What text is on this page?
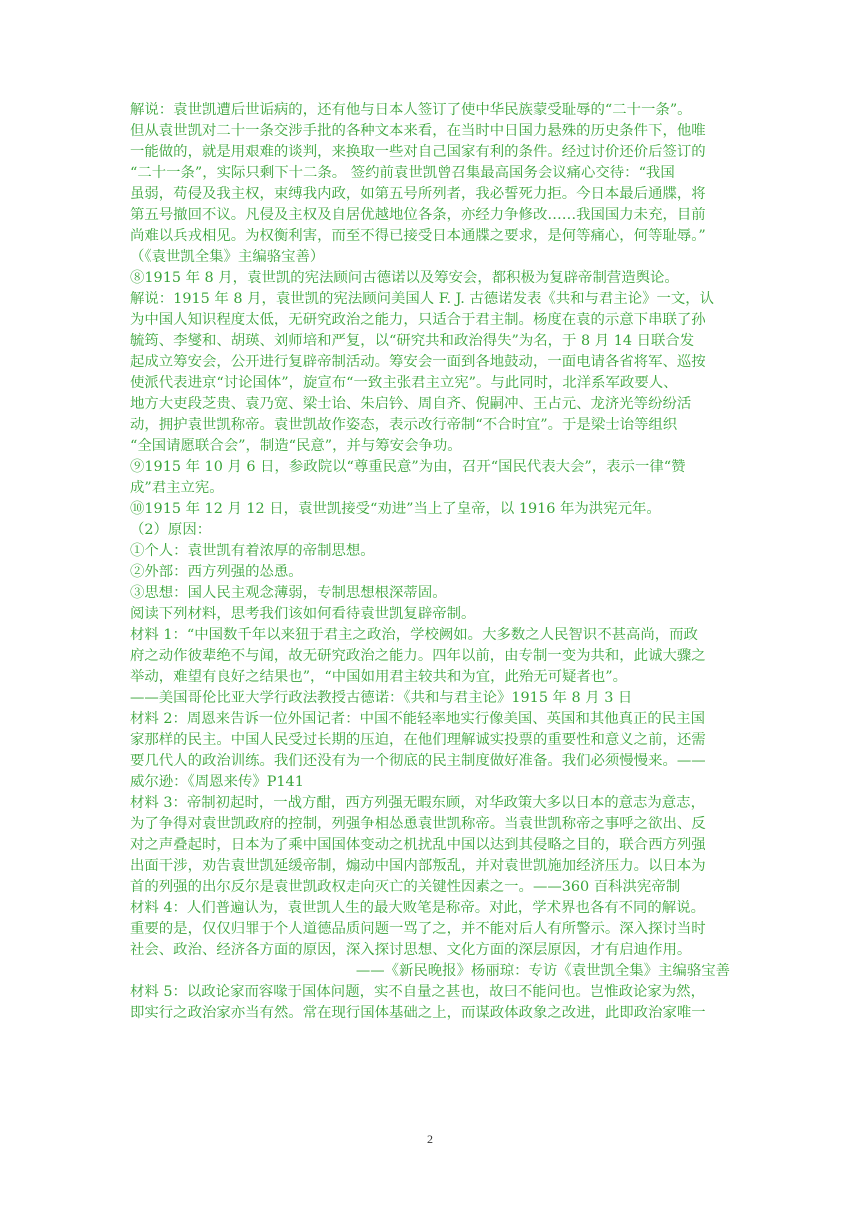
解说：袁世凯遭后世诟病的，还有他与日本人签订了使中华民族蒙受耻辱的“二十一条”。
但从袁世凯对二十一条交涉手批的各种文本来看，在当时中日国力悬殊的历史条件下，他唯
一能做的，就是用艰难的谈判，来换取一些对自己国家有利的条件。经过讨价还价后签订的
“二十一条”，实际只剩下十二条。 签约前袁世凯曾召集最高国务会议痛心交待：“我国
虽弱，苟侵及我主权，束缚我内政，如第五号所列者，我必誓死力拒。今日本最后通牒，将
第五号撤回不议。凡侵及主权及自居优越地位各条，亦经力争修改……我国国力未充，目前
尚难以兵戎相见。为权衡利害，而至不得已接受日本通牒之要求，是何等痛心，何等耻辱。”
（《袁世凯全集》主编骆宝善）
⑧1915 年 8 月，袁世凯的宪法顾问古德诺以及筹安会，都积极为复辟帝制营造舆论。
解说：1915 年 8 月，袁世凯的宪法顾问美国人 F. J. 古德诺发表《共和与君主论》一文，认
为中国人知识程度太低，无研究政治之能力，只适合于君主制。杨度在袁的示意下串联了孙
毓筠、李燮和、胡瑛、刘师培和严复，以“研究共和政治得失”为名，于 8 月 14 日联合发
起成立筹安会，公开进行复辟帝制活动。筹安会一面到各地鼓动，一面电请各省将军、巡按
使派代表进京“讨论国体”，旋宣布“一致主张君主立宪”。与此同时，北洋系军政要人、
地方大吏段芝贵、袁乃宽、梁士诒、朱启钤、周自齐、倪嗣冲、王占元、龙济光等纷纷活
动，拥护袁世凯称帝。袁世凯故作姿态，表示改行帝制“不合时宜”。于是梁士诒等组织
“全国请愿联合会”，制造“民意”，并与筹安会争功。
⑨1915 年 10 月 6 日，参政院以“尊重民意”为由，召开“国民代表大会”，表示一律“赞
成”君主立宪。
⑩1915 年 12 月 12 日，袁世凯接受“劝进”当上了皇帝，以 1916 年为洪宪元年。
（2）原因：
①个人：袁世凯有着浓厚的帝制思想。
②外部：西方列强的怂恿。
③思想：国人民主观念薄弱，专制思想根深蒂固。
阅读下列材料，思考我们该如何看待袁世凯复辟帝制。
材料 1：“中国数千年以来狃于君主之政治，学校阙如。大多数之人民智识不甚高尚，而政
府之动作彼辈绝不与闻，故无研究政治之能力。四年以前，由专制一变为共和，此诚大骤之
举动，难望有良好之结果也”，“中国如用君主较共和为宜，此殆无可疑者也”。
——美国哥伦比亚大学行政法教授古德诺：《共和与君主论》1915 年 8 月 3 日
材料 2：周恩来告诉一位外国记者：中国不能轻率地实行像美国、英国和其他真正的民主国
家那样的民主。中国人民受过长期的压迫，在他们理解诚实投票的重要性和意义之前，还需
要几代人的政治训练。我们还没有为一个彻底的民主制度做好准备。我们必须慢慢来。——
威尔逊：《周恩来传》P141
材料 3：帝制初起时，一战方酣，西方列强无暇东顾，对华政策大多以日本的意志为意志，
为了争得对袁世凯政府的控制，列强争相怂恿袁世凯称帝。当袁世凯称帝之事呼之欲出、反
对之声叠起时，日本为了乘中国国体变动之机扰乱中国以达到其侵略之目的，联合西方列强
出面干涉，劝告袁世凯延缓帝制，煽动中国内部叛乱，并对袁世凯施加经济压力。以日本为
首的列强的出尔反尔是袁世凯政权走向灭亡的关键性因素之一。——360 百科洪宪帝制
材料 4：人们普遍认为，袁世凯人生的最大败笔是称帝。对此，学术界也各有不同的解说。
重要的是，仅仅归罪于个人道德品质问题一骂了之，并不能对后人有所警示。深入探讨当时
社会、政治、经济各方面的原因，深入探讨思想、文化方面的深层原因，才有启迪作用。
——《新民晚报》杨丽琼：专访《袁世凯全集》主编骆宝善
材料 5：以政论家而容喙于国体问题，实不自量之甚也，故曰不能问也。岂惟政论家为然，
即实行之政治家亦当有然。常在现行国体基础之上，而谋政体政象之改进，此即政治家唯一
2
